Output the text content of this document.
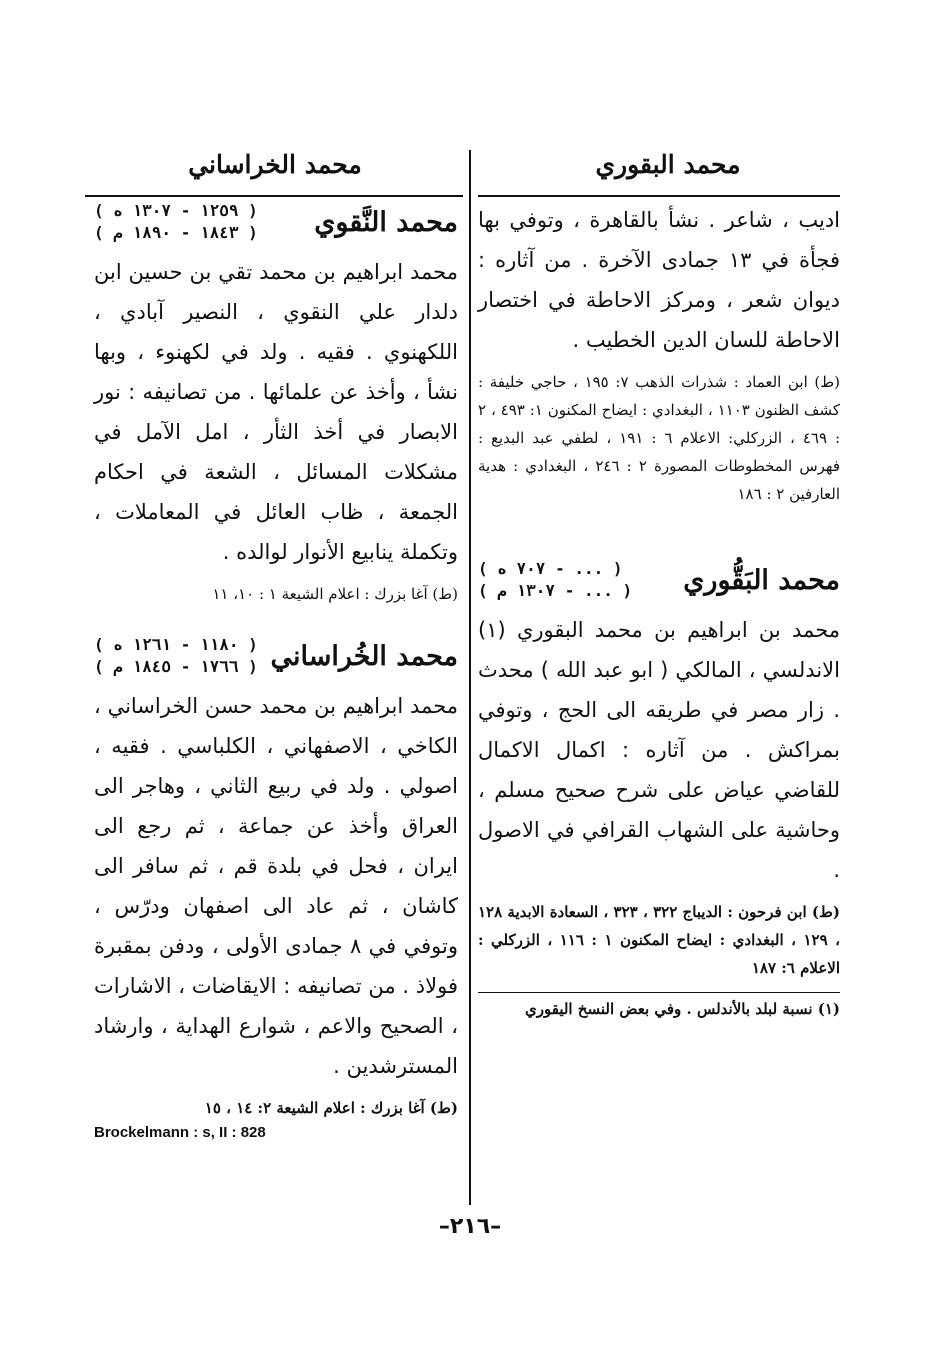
محمد البقوري
محمد الخراساني

اديب ، شاعر . نشأ بالقاهرة ، وتوفي بها فجأة في ١٣ جمادى الآخرة . من آثاره : ديوان شعر ، ومركز الاحاطة في اختصار الاحاطة للسان الدين الخطيب .

(ط) ابن العماد : شذرات الذهب ٧: ١٩٥ ، حاجي خليفة : كشف الظنون ١١٠٣ ، البغدادي : ايضاح المكنون ١: ٤٩٣ ، ٢ : ٤٦٩ ، الزركلي: الاعلام ٦ : ١٩١ ، لطفي عبد البديع : فهرس المخطوطات المصورة ٢ : ٢٤٦ ، البغدادي : هدية العارفين ٢ : ١٨٦

محمد البَقُّوري
( ... - ٧٠٧ ه )
( ... - ١٣٠٧ م )

محمد بن ابراهيم بن محمد البقوري (١) الاندلسي ، المالكي ( ابو عبد الله ) محدث . زار مصر في طريقه الى الحج ، وتوفي بمراكش . من آثاره : اكمال الاكمال للقاضي عياض على شرح صحيح مسلم ، وحاشية على الشهاب القرافي في الاصول .

(ط) ابن فرحون : الديباج ٣٢٢ ، ٣٢٣ ، السعادة الابدية ١٢٨ ، ١٢٩ ، البغدادي : ايضاح المكنون ١ : ١١٦ ، الزركلي : الاعلام ٦: ١٨٧

(١) نسبة لبلد بالأندلس . وفي بعض النسخ اليقوري

محمد النَّقوي
( ١٢٥٩ - ١٣٠٧ ه )
( ١٨٤٣ - ١٨٩٠ م )

محمد ابراهيم بن محمد تقي بن حسين ابن دلدار علي النقوي ، النصير آبادي ، اللكهنوي . فقيه . ولد في لكهنوء ، وبها نشأ ، وأخذ عن علمائها . من تصانيفه : نور الابصار في أخذ الثأر ، امل الآمل في مشكلات المسائل ، الشعة في احكام الجمعة ، ظاب العائل في المعاملات ، وتكملة ينابيع الأنوار لوالده .

(ط) آغا بزرك : اعلام الشيعة ١ : ١٠، ١١

محمد الخُراساني
( ١١٨٠ - ١٢٦١ ه )
( ١٧٦٦ - ١٨٤٥ م )

محمد ابراهيم بن محمد حسن الخراساني ، الكاخي ، الاصفهاني ، الكلباسي . فقيه ، اصولي . ولد في ربيع الثاني ، وهاجر الى العراق وأخذ عن جماعة ، ثم رجع الى ايران ، فحل في بلدة قم ، ثم سافر الى كاشان ، ثم عاد الى اصفهان ودرّس ، وتوفي في ٨ جمادى الأولى ، ودفن بمقبرة فولاذ . من تصانيفه : الايقاضات ، الاشارات ، الصحيح والاعم ، شوارع الهداية ، وارشاد المسترشدين .

(ط) آغا بزرك : اعلام الشيعة ٢: ١٤ ، ١٥

Brockelmann : s, II : 828

–٢١٦–
